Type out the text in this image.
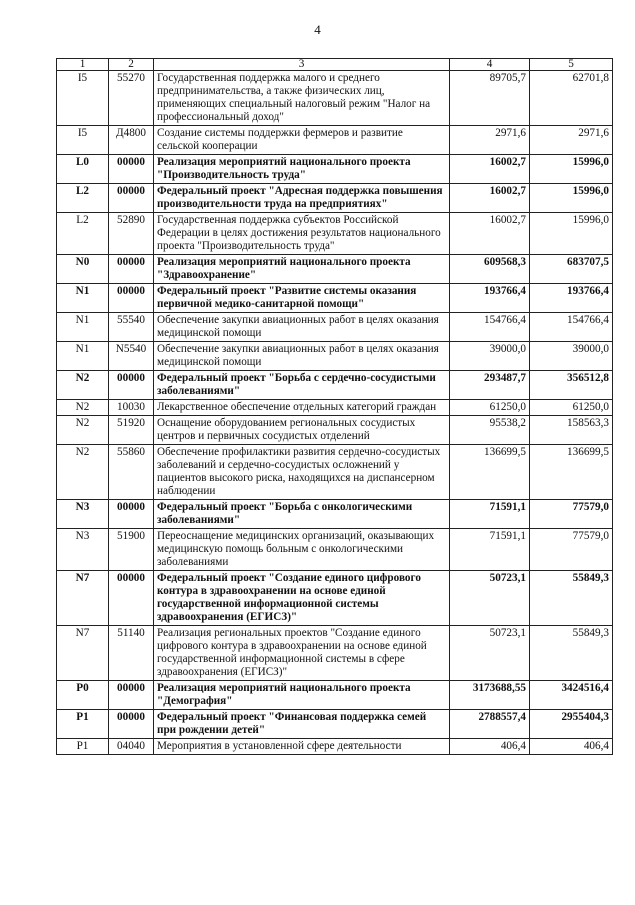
4
1	2	3	4	5
I5	55270	Государственная поддержка малого и среднего предпринимательства, а также физических лиц, применяющих специальный налоговый режим "Налог на профессиональный доход"	89705,7	62701,8
I5	Д4800	Создание системы поддержки фермеров и развитие сельской кооперации	2971,6	2971,6
L0	00000	Реализация мероприятий национального проекта "Производительность труда"	16002,7	15996,0
L2	00000	Федеральный проект "Адресная поддержка повышения производительности труда на предприятиях"	16002,7	15996,0
L2	52890	Государственная поддержка субъектов Российской Федерации в целях достижения результатов национального проекта "Производительность труда"	16002,7	15996,0
N0	00000	Реализация мероприятий национального проекта "Здравоохранение"	609568,3	683707,5
N1	00000	Федеральный проект "Развитие системы оказания первичной медико-санитарной помощи"	193766,4	193766,4
N1	55540	Обеспечение закупки авиационных работ в целях оказания медицинской помощи	154766,4	154766,4
N1	N5540	Обеспечение закупки авиационных работ в целях оказания медицинской помощи	39000,0	39000,0
N2	00000	Федеральный проект "Борьба с сердечно-сосудистыми заболеваниями"	293487,7	356512,8
N2	10030	Лекарственное обеспечение отдельных категорий граждан	61250,0	61250,0
N2	51920	Оснащение оборудованием региональных сосудистых центров и первичных сосудистых отделений	95538,2	158563,3
N2	55860	Обеспечение профилактики развития сердечно-сосудистых заболеваний и сердечно-сосудистых осложнений у пациентов высокого риска, находящихся на диспансерном наблюдении	136699,5	136699,5
N3	00000	Федеральный проект "Борьба с онкологическими заболеваниями"	71591,1	77579,0
N3	51900	Переоснащение медицинских организаций, оказывающих медицинскую помощь больным с онкологическими заболеваниями	71591,1	77579,0
N7	00000	Федеральный проект "Создание единого цифрового контура в здравоохранении на основе единой государственной информационной системы здравоохранения (ЕГИСЗ)"	50723,1	55849,3
N7	51140	Реализация региональных проектов "Создание единого цифрового контура в здравоохранении на основе единой государственной информационной системы в сфере здравоохранения (ЕГИСЗ)"	50723,1	55849,3
P0	00000	Реализация мероприятий национального проекта "Демография"	3173688,55	3424516,4
P1	00000	Федеральный проект "Финансовая поддержка семей при рождении детей"	2788557,4	2955404,3
P1	04040	Мероприятия в установленной сфере деятельности	406,4	406,4
